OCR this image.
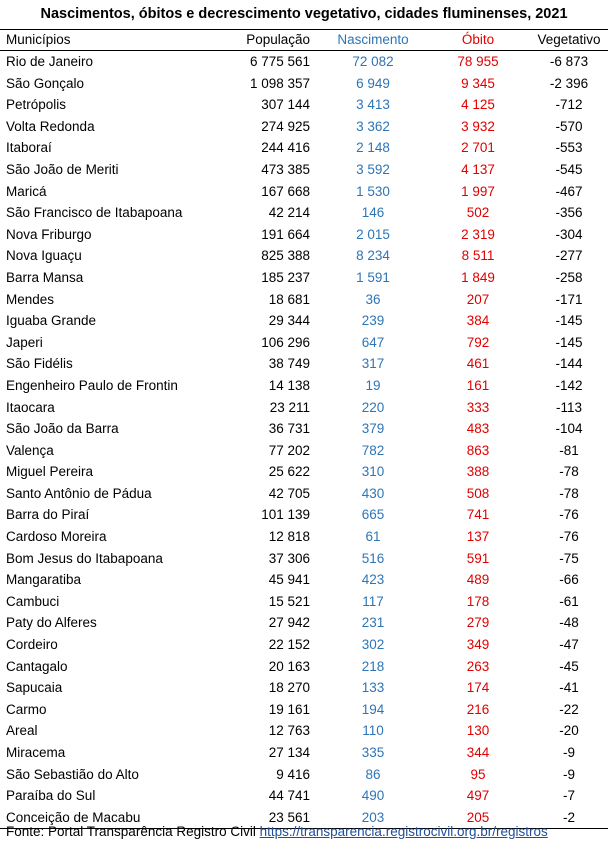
Nascimentos, óbitos e decrescimento vegetativo, cidades fluminenses, 2021
Municípios	População	Nascimento	Óbito	Vegetativo
Rio de Janeiro	6 775 561	72 082	78 955	-6 873
São Gonçalo	1 098 357	6 949	9 345	-2 396
Petrópolis	307 144	3 413	4 125	-712
Volta Redonda	274 925	3 362	3 932	-570
Itaboraí	244 416	2 148	2 701	-553
São João de Meriti	473 385	3 592	4 137	-545
Maricá	167 668	1 530	1 997	-467
São Francisco de Itabapoana	42 214	146	502	-356
Nova Friburgo	191 664	2 015	2 319	-304
Nova Iguaçu	825 388	8 234	8 511	-277
Barra Mansa	185 237	1 591	1 849	-258
Mendes	18 681	36	207	-171
Iguaba Grande	29 344	239	384	-145
Japeri	106 296	647	792	-145
São Fidélis	38 749	317	461	-144
Engenheiro Paulo de Frontin	14 138	19	161	-142
Itaocara	23 211	220	333	-113
São João da Barra	36 731	379	483	-104
Valença	77 202	782	863	-81
Miguel Pereira	25 622	310	388	-78
Santo Antônio de Pádua	42 705	430	508	-78
Barra do Piraí	101 139	665	741	-76
Cardoso Moreira	12 818	61	137	-76
Bom Jesus do Itabapoana	37 306	516	591	-75
Mangaratiba	45 941	423	489	-66
Cambuci	15 521	117	178	-61
Paty do Alferes	27 942	231	279	-48
Cordeiro	22 152	302	349	-47
Cantagalo	20 163	218	263	-45
Sapucaia	18 270	133	174	-41
Carmo	19 161	194	216	-22
Areal	12 763	110	130	-20
Miracema	27 134	335	344	-9
São Sebastião do Alto	9 416	86	95	-9
Paraíba do Sul	44 741	490	497	-7
Conceição de Macabu	23 561	203	205	-2
Fonte: Portal Transparência Registro Civil https://transparencia.registrocivil.org.br/registros
